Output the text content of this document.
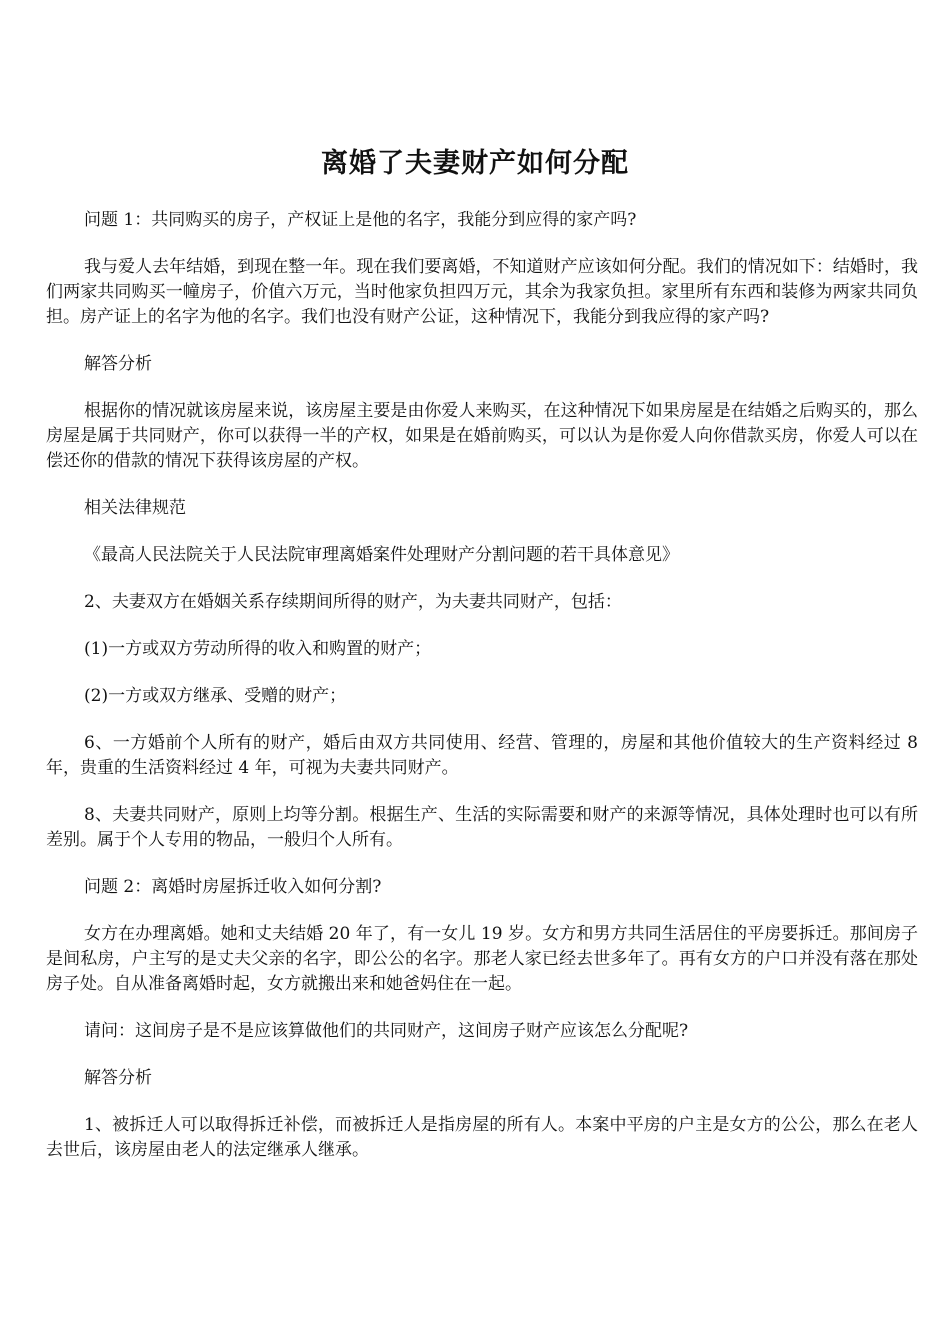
离婚了夫妻财产如何分配

问题 1：共同购买的房子，产权证上是他的名字，我能分到应得的家产吗?

我与爱人去年结婚，到现在整一年。现在我们要离婚，不知道财产应该如何分配。我们的情况如下：结婚时，我们两家共同购买一幢房子，价值六万元，当时他家负担四万元，其余为我家负担。家里所有东西和装修为两家共同负担。房产证上的名字为他的名字。我们也没有财产公证，这种情况下，我能分到我应得的家产吗?

解答分析

根据你的情况就该房屋来说，该房屋主要是由你爱人来购买，在这种情况下如果房屋是在结婚之后购买的，那么房屋是属于共同财产，你可以获得一半的产权，如果是在婚前购买，可以认为是你爱人向你借款买房，你爱人可以在偿还你的借款的情况下获得该房屋的产权。

相关法律规范

《最高人民法院关于人民法院审理离婚案件处理财产分割问题的若干具体意见》

2、夫妻双方在婚姻关系存续期间所得的财产，为夫妻共同财产，包括：

(1)一方或双方劳动所得的收入和购置的财产；

(2)一方或双方继承、受赠的财产；

6、一方婚前个人所有的财产，婚后由双方共同使用、经营、管理的，房屋和其他价值较大的生产资料经过 8 年，贵重的生活资料经过 4 年，可视为夫妻共同财产。

8、夫妻共同财产，原则上均等分割。根据生产、生活的实际需要和财产的来源等情况，具体处理时也可以有所差别。属于个人专用的物品，一般归个人所有。

问题 2：离婚时房屋拆迁收入如何分割?

女方在办理离婚。她和丈夫结婚 20 年了，有一女儿 19 岁。女方和男方共同生活居住的平房要拆迁。那间房子是间私房，户主写的是丈夫父亲的名字，即公公的名字。那老人家已经去世多年了。再有女方的户口并没有落在那处房子处。自从准备离婚时起，女方就搬出来和她爸妈住在一起。

请问：这间房子是不是应该算做他们的共同财产，这间房子财产应该怎么分配呢?

解答分析

1、被拆迁人可以取得拆迁补偿，而被拆迁人是指房屋的所有人。本案中平房的户主是女方的公公，那么在老人去世后，该房屋由老人的法定继承人继承。
